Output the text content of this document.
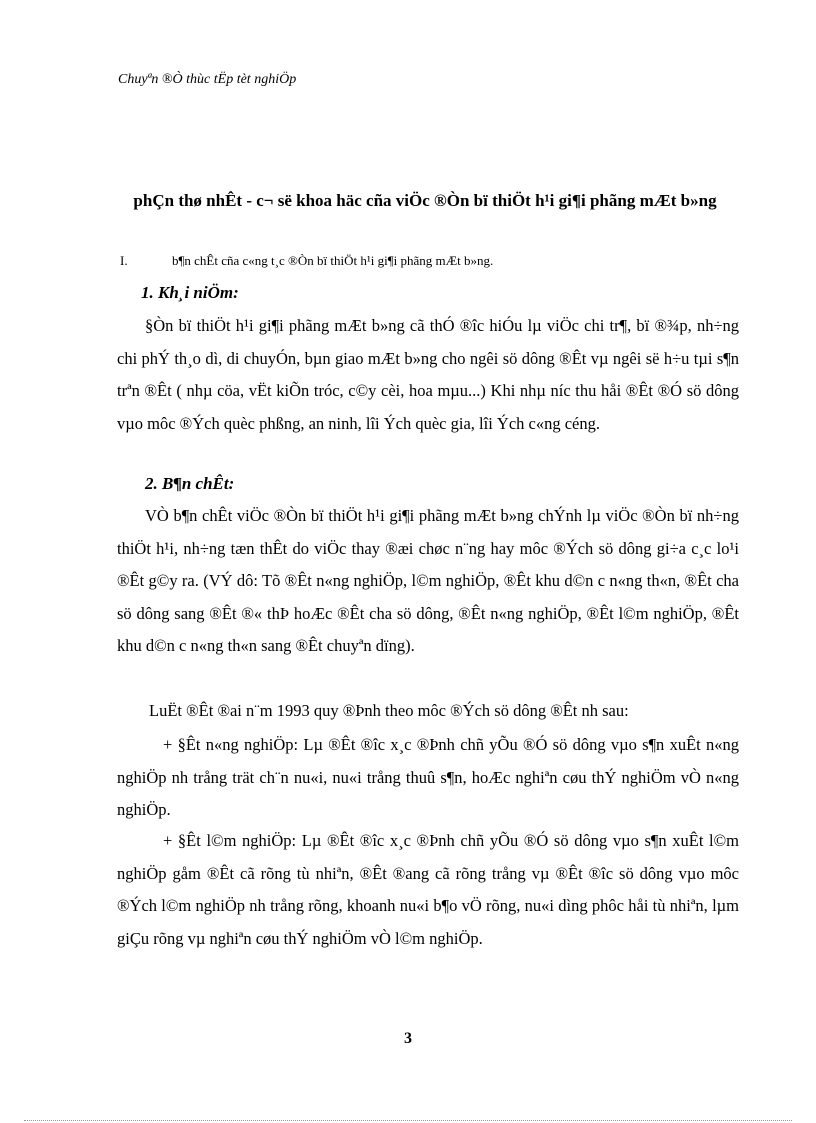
Chuyªn ®Ò thùc tËp tèt nghiÖp
phÇn thø nhÊt - c¬ së khoa häc cña viÖc ®Òn bï thiÖt h¹i gi¶i phãng mÆt b»ng
I.	b¶n chÊt cña c«ng t¸c ®Òn bï thiÖt h¹i gi¶i phãng mÆt b»ng.
1. Kh¸i niÖm:
§Òn bï thiÖt h¹i gi¶i phãng mÆt b»ng cã thÓ ®îc hiÓu lµ viÖc chi tr¶, bï ®¾p, nh÷ng chi phÝ th¸o dì, di chuyÓn, bµn giao mÆt b»ng cho ngêi sö dông ®Êt vµ ngêi së h÷u tµi s¶n trªn ®Êt ( nhµ cöa, vËt kiÕn tróc, c©y cèi, hoa mµu...) Khi nhµ níc thu håi ®Êt ®Ó sö dông vµo môc ®Ých quèc phßng, an ninh, lîi Ých quèc gia, lîi Ých c«ng céng.
2. B¶n chÊt:
VÒ b¶n chÊt viÖc ®Òn bï thiÖt h¹i gi¶i phãng mÆt b»ng chÝnh lµ viÖc ®Òn bï nh÷ng thiÖt h¹i, nh÷ng tæn thÊt do viÖc thay ®æi chøc n¨ng hay môc ®Ých sö dông gi÷a c¸c lo¹i ®Êt g©y ra. (VÝ dô: Tõ ®Êt n«ng nghiÖp, l©m nghiÖp, ®Êt khu d©n c n«ng th«n, ®Êt cha sö dông sang ®Êt ®« thÞ hoÆc ®Êt cha sö dông, ®Êt n«ng nghiÖp, ®Êt l©m nghiÖp, ®Êt khu d©n c n«ng th«n sang ®Êt chuyªn dïng).
LuËt ®Êt ®ai n¨m 1993 quy ®Þnh theo môc ®Ých sö dông ®Êt nh sau:
+ §Êt n«ng nghiÖp: Lµ ®Êt ®îc x¸c ®Þnh chñ yÕu ®Ó sö dông vµo s¶n xuÊt n«ng nghiÖp nh trång trät ch¨n nu«i, nu«i trång thuû s¶n, hoÆc nghiªn cøu thÝ nghiÖm vÒ n«ng nghiÖp.
+ §Êt l©m nghiÖp: Lµ ®Êt ®îc x¸c ®Þnh chñ yÕu ®Ó sö dông vµo s¶n xuÊt l©m nghiÖp gåm ®Êt cã rõng tù nhiªn, ®Êt ®ang cã rõng trång vµ ®Êt ®îc sö dông vµo môc ®Ých l©m nghiÖp nh trång rõng, khoanh nu«i b¶o vÖ rõng, nu«i dìng phôc håi tù nhiªn, lµm giÇu rõng vµ nghiªn cøu thÝ nghiÖm vÒ l©m nghiÖp.
3
